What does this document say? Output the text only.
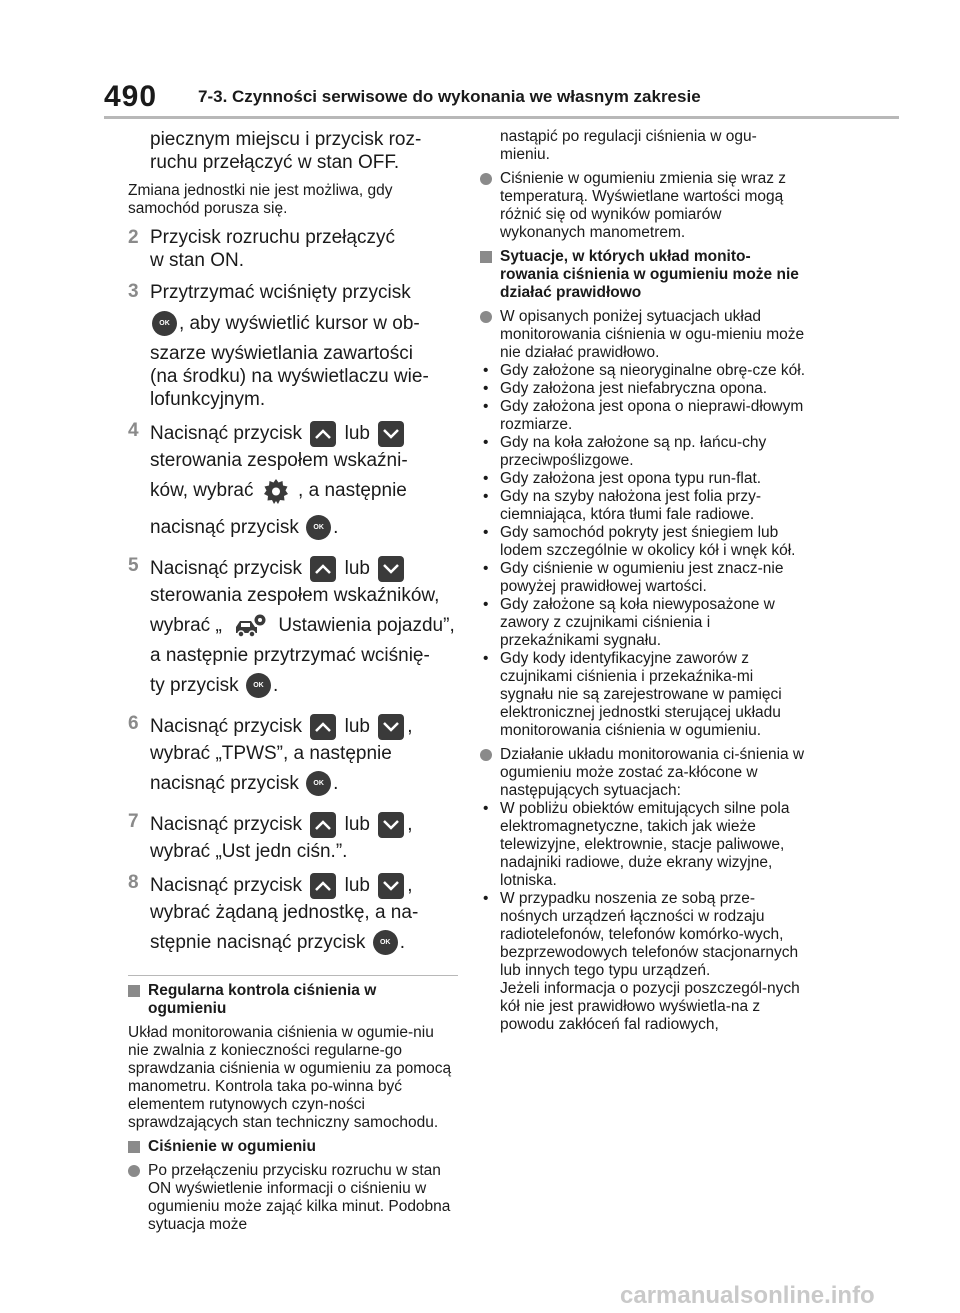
490 7-3. Czynności serwisowe do wykonania we własnym zakresie
piecznym miejscu i przycisk roz-
ruchu przełączyć w stan OFF.
Zmiana jednostki nie jest możliwa, gdy samochód porusza się.
2 Przycisk rozruchu przełączyć
w stan ON.
3 Przytrzymać wciśnięty przycisk
OK , aby wyświetlić kursor w ob-
szarze wyświetlania zawartości
(na środku) na wyświetlaczu wie-
lofunkcyjnym.
4 Nacisnąć przycisk lub
sterowania zespołem wskaźni-
ków, wybrać , a następnie
nacisnąć przycisk OK .
5 Nacisnąć przycisk lub
sterowania zespołem wskaźników,
wybrać „	Ustawienia pojazdu”,
a następnie przytrzymać wciśnię-
ty przycisk OK .
6 Nacisnąć przycisk lub ,
wybrać „TPWS”, a następnie
nacisnąć przycisk OK .
7 Nacisnąć przycisk lub ,
wybrać „Ust jedn ciśn.”.
8 Nacisnąć przycisk lub ,
wybrać żądaną jednostkę, a na-
stępnie nacisnąć przycisk OK .
Regularna kontrola ciśnienia w ogumieniu
Układ monitorowania ciśnienia w ogumie-niu nie zwalnia z konieczności regularne-go sprawdzania ciśnienia w ogumieniu za pomocą manometru. Kontrola taka po-winna być elementem rutynowych czyn-ności sprawdzających stan techniczny samochodu.
Ciśnienie w ogumieniu
Po przełączeniu przycisku rozruchu w stan ON wyświetlenie informacji o ciśnieniu w ogumieniu może zająć kilka minut. Podobna sytuacja może
nastąpić po regulacji ciśnienia w ogu-mieniu.
Ciśnienie w ogumieniu zmienia się wraz z temperaturą. Wyświetlane wartości mogą różnić się od wyników pomiarów wykonanych manometrem.
Sytuacje, w których układ monito-rowania ciśnienia w ogumieniu może nie działać prawidłowo
W opisanych poniżej sytuacjach układ monitorowania ciśnienia w ogu-mieniu może nie działać prawidłowo.
• Gdy założone są nieoryginalne obrę-cze kół.
• Gdy założona jest niefabryczna opona.
• Gdy założona jest opona o nieprawi-dłowym rozmiarze.
• Gdy na koła założone są np. łańcu-chy przeciwpoślizgowe.
• Gdy założona jest opona typu run-flat.
• Gdy na szyby nałożona jest folia przy-ciemniająca, która tłumi fale radiowe.
• Gdy samochód pokryty jest śniegiem lub lodem szczególnie w okolicy kół i wnęk kół.
• Gdy ciśnienie w ogumieniu jest znacz-nie powyżej prawidłowej wartości.
• Gdy założone są koła niewyposażone w zawory z czujnikami ciśnienia i przekaźnikami sygnału.
• Gdy kody identyfikacyjne zaworów z czujnikami ciśnienia i przekaźnika-mi sygnału nie są zarejestrowane w pamięci elektronicznej jednostki sterującej układu monitorowania ciśnienia w ogumieniu.
Działanie układu monitorowania ci-śnienia w ogumieniu może zostać za-kłócone w następujących sytuacjach:
• W pobliżu obiektów emitujących silne pola elektromagnetyczne, takich jak wieże telewizyjne, elektrownie, stacje paliwowe, nadajniki radiowe, duże ekrany wizyjne, lotniska.
• W przypadku noszenia ze sobą prze-nośnych urządzeń łączności w rodzaju radiotelefonów, telefonów komórko-wych, bezprzewodowych telefonów stacjonarnych lub innych tego typu urządzeń.
Jeżeli informacja o pozycji poszczegól-nych kół nie jest prawidłowo wyświetla-na z powodu zakłóceń fal radiowych,
carmanualsonline.info
